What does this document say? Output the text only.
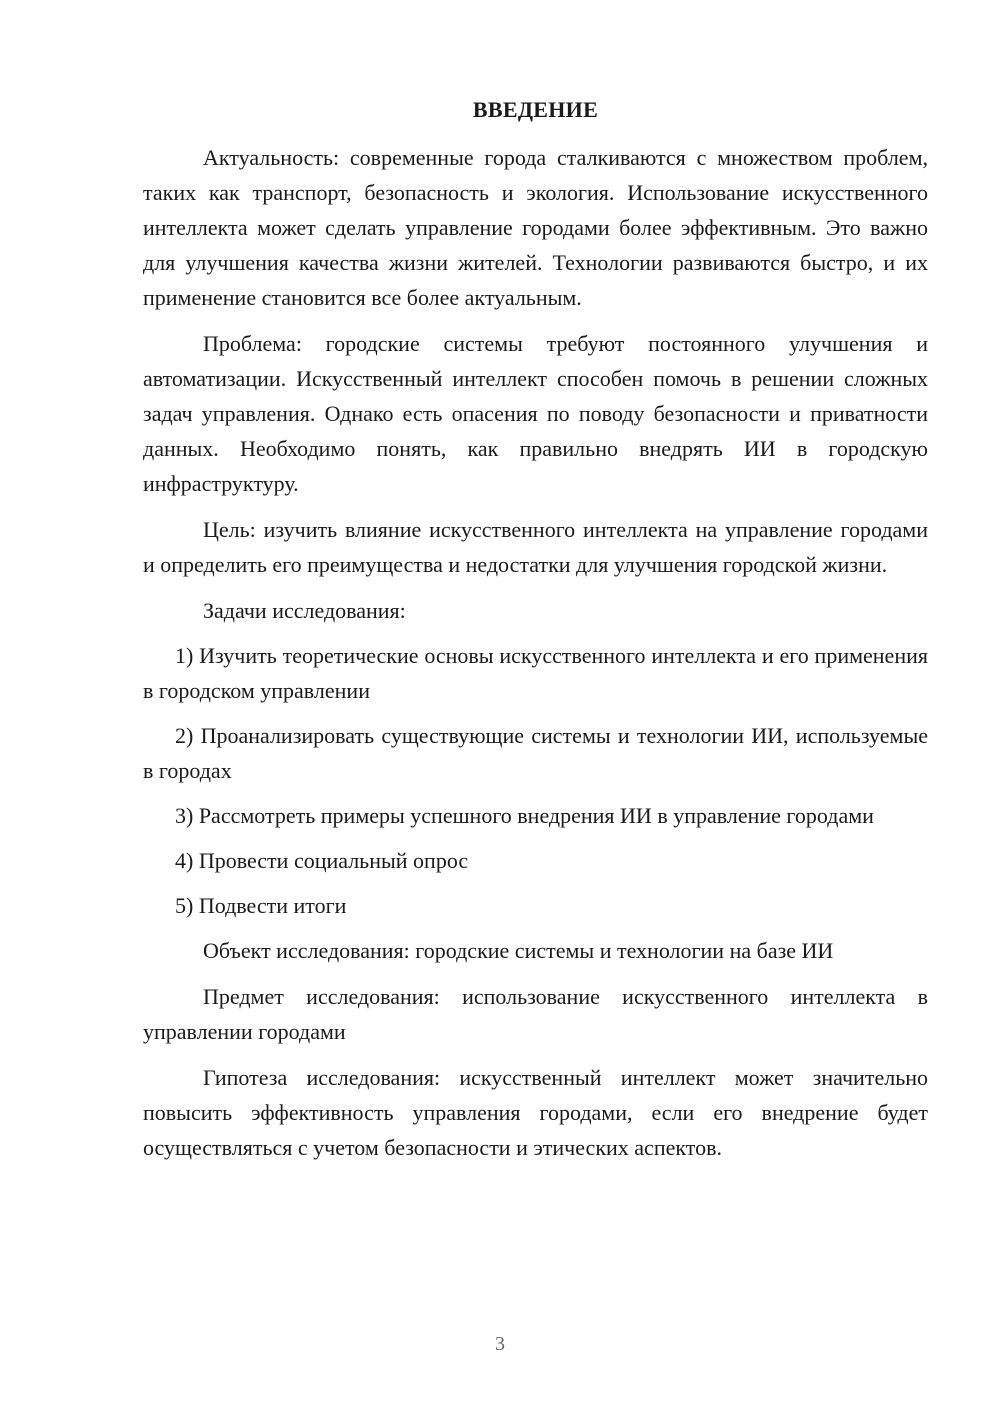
ВВЕДЕНИЕ

Актуальность: современные города сталкиваются с множеством проблем, таких как транспорт, безопасность и экология. Использование искусственного интеллекта может сделать управление городами более эффективным. Это важно для улучшения качества жизни жителей. Технологии развиваются быстро, и их применение становится все более актуальным.

Проблема: городские системы требуют постоянного улучшения и автоматизации. Искусственный интеллект способен помочь в решении сложных задач управления. Однако есть опасения по поводу безопасности и приватности данных. Необходимо понять, как правильно внедрять ИИ в городскую инфраструктуру.

Цель: изучить влияние искусственного интеллекта на управление городами и определить его преимущества и недостатки для улучшения городской жизни.

Задачи исследования:

1) Изучить теоретические основы искусственного интеллекта и его применения в городском управлении

2) Проанализировать существующие системы и технологии ИИ, используемые в городах

3) Рассмотреть примеры успешного внедрения ИИ в управление городами

4) Провести социальный опрос

5) Подвести итоги

Объект исследования: городские системы и технологии на базе ИИ

Предмет исследования: использование искусственного интеллекта в управлении городами

Гипотеза исследования: искусственный интеллект может значительно повысить эффективность управления городами, если его внедрение будет осуществляться с учетом безопасности и этических аспектов.

3
